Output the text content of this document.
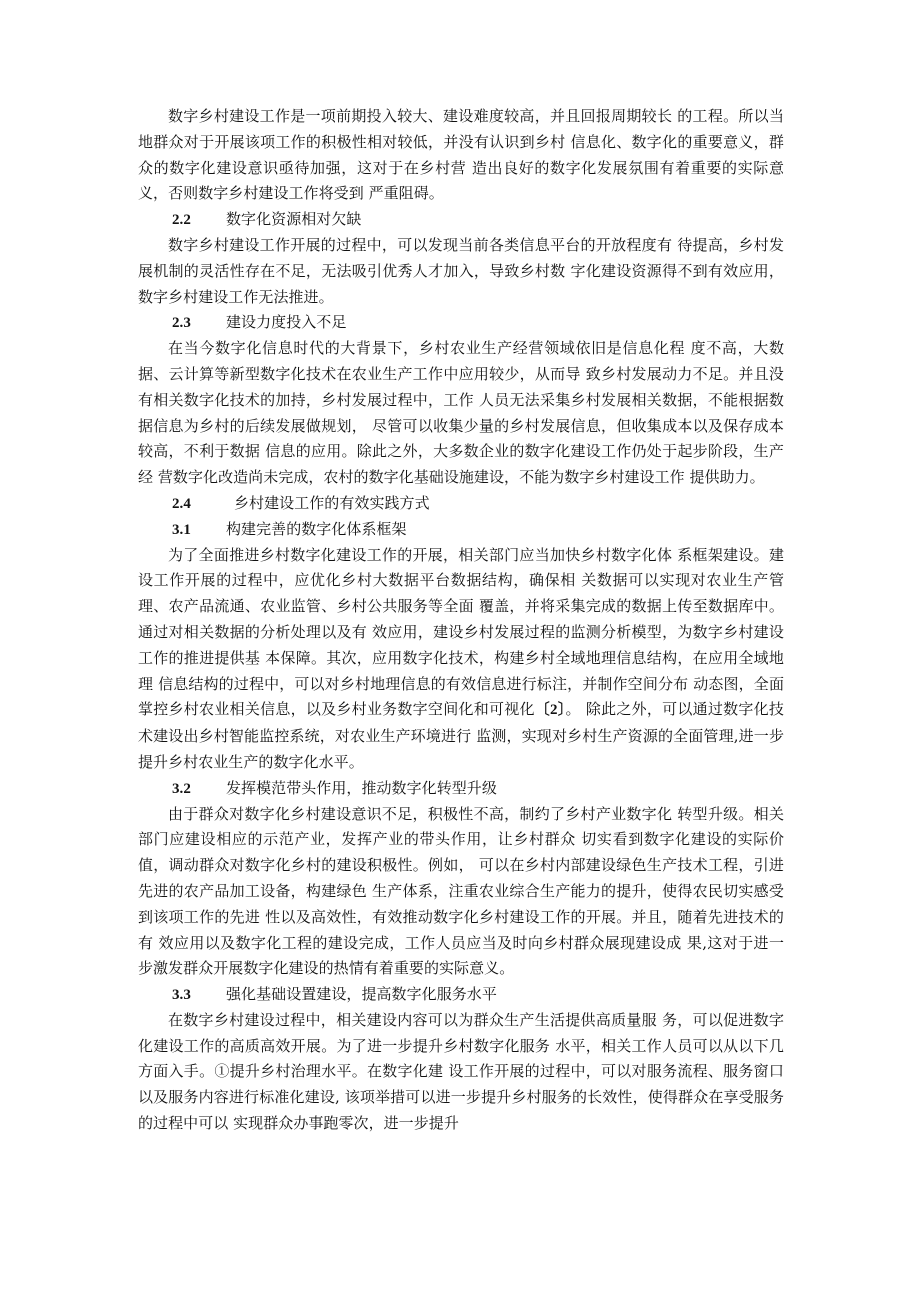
数字乡村建设工作是一项前期投入较大、建设难度较高，并且回报周期较长 的工程。所以当地群众对于开展该项工作的积极性相对较低，并没有认识到乡村 信息化、数字化的重要意义，群众的数字化建设意识亟待加强，这对于在乡村营 造出良好的数字化发展氛围有着重要的实际意义，否则数字乡村建设工作将受到 严重阻碍。

2.2 数字化资源相对欠缺

数字乡村建设工作开展的过程中，可以发现当前各类信息平台的开放程度有 待提高，乡村发展机制的灵活性存在不足，无法吸引优秀人才加入，导致乡村数 字化建设资源得不到有效应用，数字乡村建设工作无法推进。

2.3 建设力度投入不足

在当今数字化信息时代的大背景下，乡村农业生产经营领域依旧是信息化程 度不高，大数据、云计算等新型数字化技术在农业生产工作中应用较少，从而导 致乡村发展动力不足。并且没有相关数字化技术的加持，乡村发展过程中，工作 人员无法采集乡村发展相关数据，不能根据数据信息为乡村的后续发展做规划， 尽管可以收集少量的乡村发展信息，但收集成本以及保存成本较高，不利于数据 信息的应用。除此之外，大多数企业的数字化建设工作仍处于起步阶段，生产经 营数字化改造尚未完成，农村的数字化基础设施建设，不能为数字乡村建设工作 提供助力。

2.4	乡村建设工作的有效实践方式
3.1 构建完善的数字化体系框架

为了全面推进乡村数字化建设工作的开展，相关部门应当加快乡村数字化体 系框架建设。建设工作开展的过程中，应优化乡村大数据平台数据结构，确保相 关数据可以实现对农业生产管理、农产品流通、农业监管、乡村公共服务等全面 覆盖，并将采集完成的数据上传至数据库中。通过对相关数据的分析处理以及有 效应用，建设乡村发展过程的监测分析模型，为数字乡村建设工作的推进提供基 本保障。其次，应用数字化技术，构建乡村全域地理信息结构，在应用全域地理 信息结构的过程中，可以对乡村地理信息的有效信息进行标注，并制作空间分布 动态图，全面掌控乡村农业相关信息，以及乡村业务数字空间化和可视化〔2〕。 除此之外，可以通过数字化技术建设出乡村智能监控系统，对农业生产环境进行 监测，实现对乡村生产资源的全面管理,进一步提升乡村农业生产的数字化水平。

3.2 发挥模范带头作用，推动数字化转型升级

由于群众对数字化乡村建设意识不足，积极性不高，制约了乡村产业数字化 转型升级。相关部门应建设相应的示范产业，发挥产业的带头作用，让乡村群众 切实看到数字化建设的实际价值，调动群众对数字化乡村的建设积极性。例如， 可以在乡村内部建设绿色生产技术工程，引进先进的农产品加工设备，构建绿色 生产体系，注重农业综合生产能力的提升，使得农民切实感受到该项工作的先进 性以及高效性，有效推动数字化乡村建设工作的开展。并且，随着先进技术的有 效应用以及数字化工程的建设完成，工作人员应当及时向乡村群众展现建设成 果,这对于进一步激发群众开展数字化建设的热情有着重要的实际意义。

3.3 强化基础设置建设，提高数字化服务水平

在数字乡村建设过程中，相关建设内容可以为群众生产生活提供高质量服 务，可以促进数字化建设工作的高质高效开展。为了进一步提升乡村数字化服务 水平，相关工作人员可以从以下几方面入手。①提升乡村治理水平。在数字化建 设工作开展的过程中，可以对服务流程、服务窗口以及服务内容进行标准化建设, 该项举措可以进一步提升乡村服务的长效性，使得群众在享受服务的过程中可以 实现群众办事跑零次，进一步提升
